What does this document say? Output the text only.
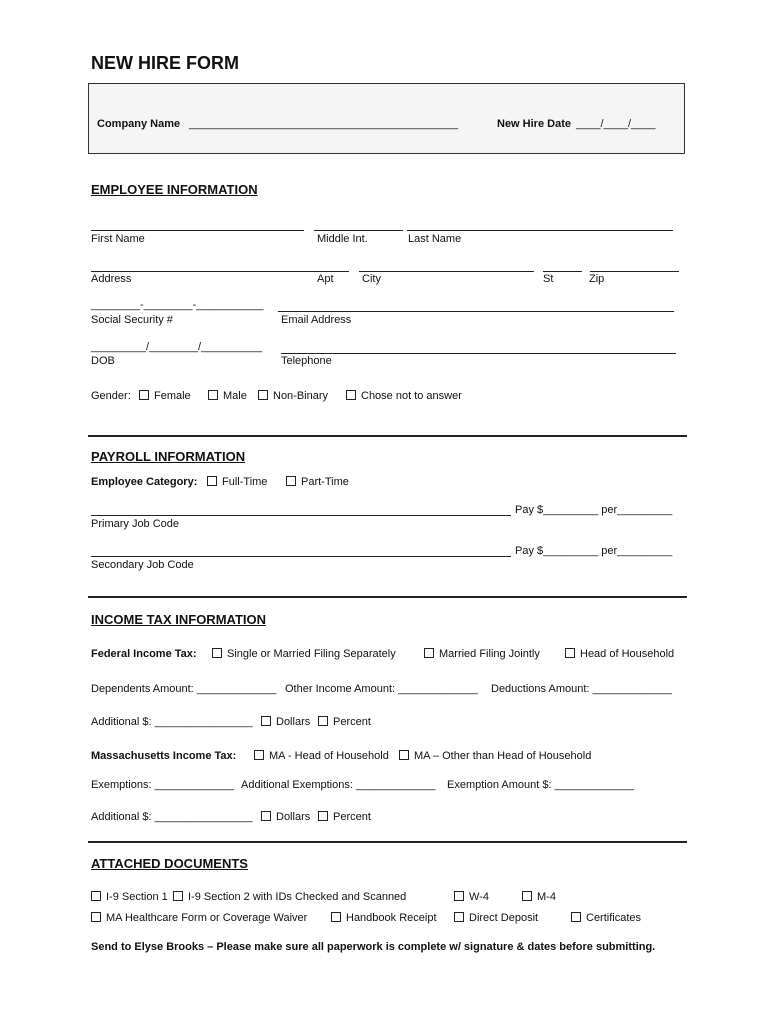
NEW HIRE FORM
Company Name ____________________________________________	New Hire Date ____/____/____
EMPLOYEE INFORMATION
First Name	Middle Int.	Last Name
Address	Apt	City	St	Zip
________-________-___________
Social Security #	Email Address
_________/________/__________
DOB	Telephone
Gender:	Female	Male	Non-Binary	Chose not to answer
PAYROLL INFORMATION
Employee Category:	Full-Time	Part-Time
Pay $_________ per_________
Primary Job Code
Pay $_________ per_________
Secondary Job Code
INCOME TAX INFORMATION
Federal Income Tax:	Single or Married Filing Separately	Married Filing Jointly	Head of Household
Dependents Amount: _____________ Other Income Amount: _____________ Deductions Amount: _____________
Additional $: ________________	Dollars	Percent
Massachusetts Income Tax:	MA - Head of Household	MA – Other than Head of Household
Exemptions: _____________ Additional Exemptions: _____________ Exemption Amount $: _____________
Additional $: ________________	Dollars	Percent
ATTACHED DOCUMENTS
I-9 Section 1	I-9 Section 2 with IDs Checked and Scanned	W-4	M-4
MA Healthcare Form or Coverage Waiver	Handbook Receipt	Direct Deposit	Certificates
Send to Elyse Brooks – Please make sure all paperwork is complete w/ signature & dates before submitting.
